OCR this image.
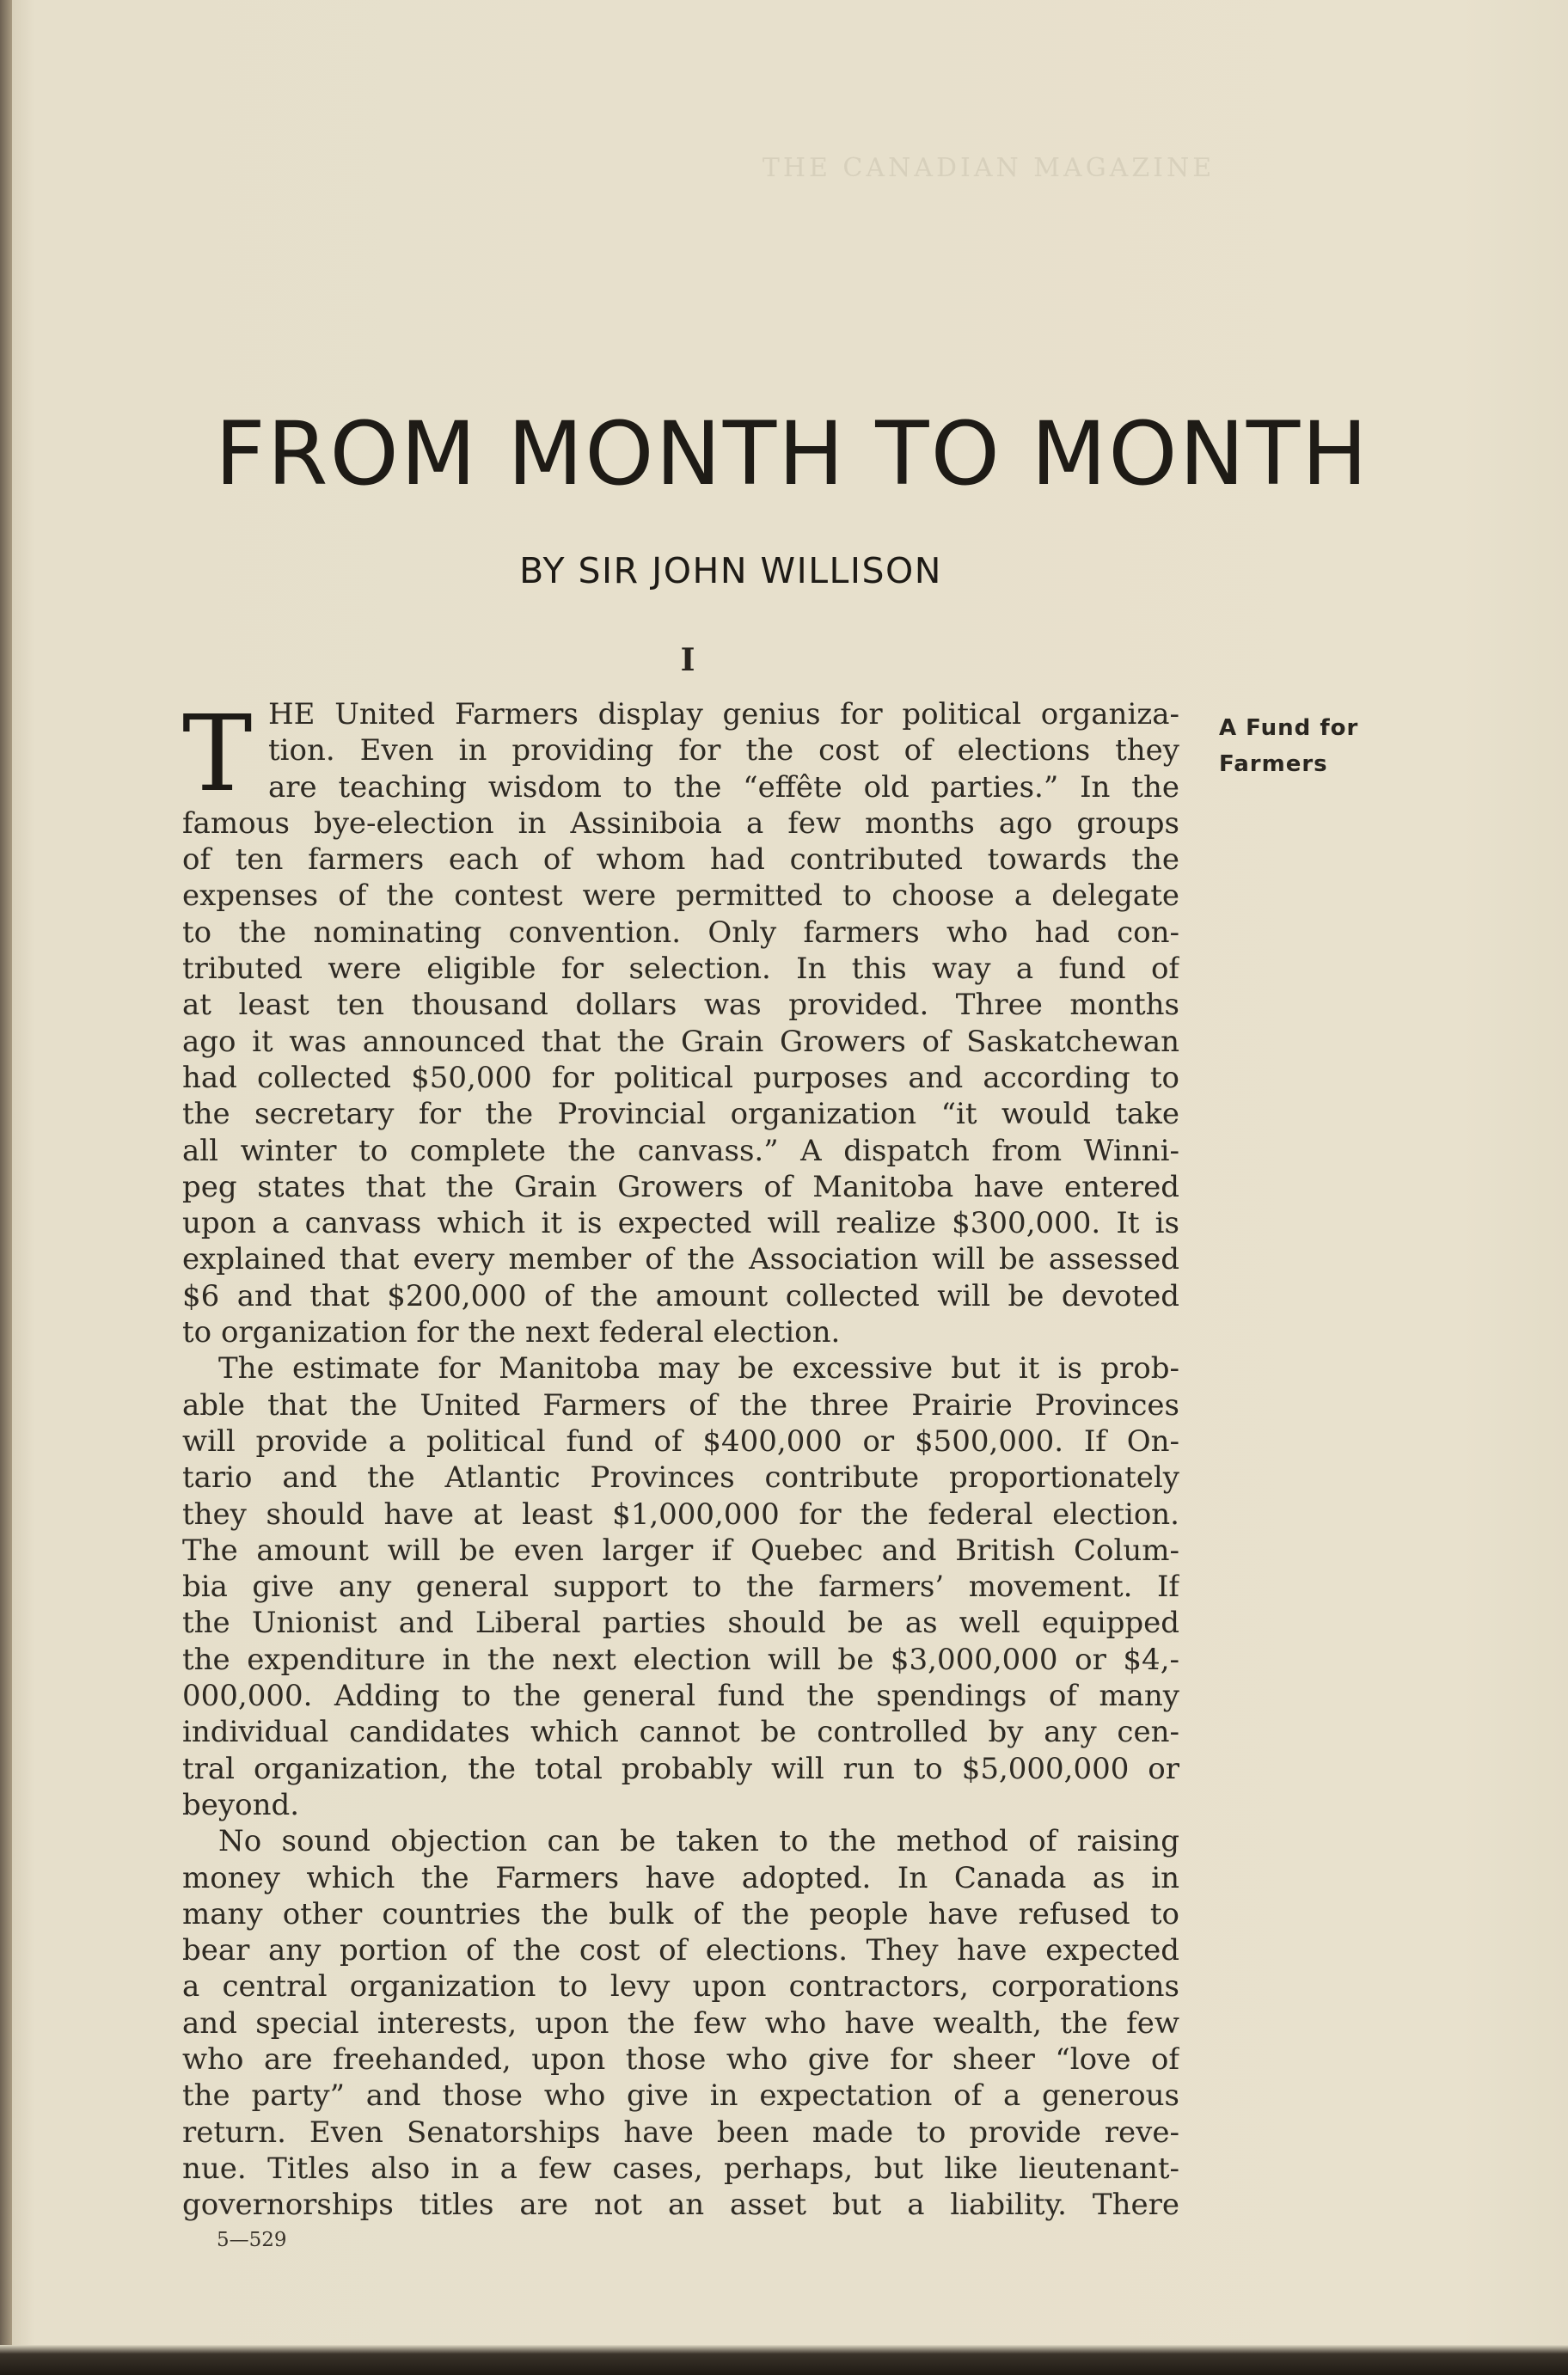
THE CANADIAN MAGAZINE
FROM MONTH TO MONTH
BY SIR JOHN WILLISON
I
A Fund for
Farmers
T HE United Farmers display genius for political organiza-
tion. Even in providing for the cost of elections they
are teaching wisdom to the “effête old parties.” In the
famous bye-election in Assiniboia a few months ago groups
of ten farmers each of whom had contributed towards the
expenses of the contest were permitted to choose a delegate
to the nominating convention. Only farmers who had con-
tributed were eligible for selection. In this way a fund of
at least ten thousand dollars was provided. Three months
ago it was announced that the Grain Growers of Saskatchewan
had collected $50,000 for political purposes and according to
the secretary for the Provincial organization “it would take
all winter to complete the canvass.” A dispatch from Winni-
peg states that the Grain Growers of Manitoba have entered
upon a canvass which it is expected will realize $300,000. It is
explained that every member of the Association will be assessed
$6 and that $200,000 of the amount collected will be devoted
to organization for the next federal election.
The estimate for Manitoba may be excessive but it is prob-
able that the United Farmers of the three Prairie Provinces
will provide a political fund of $400,000 or $500,000. If On-
tario and the Atlantic Provinces contribute proportionately
they should have at least $1,000,000 for the federal election.
The amount will be even larger if Quebec and British Colum-
bia give any general support to the farmers’ movement. If
the Unionist and Liberal parties should be as well equipped
the expenditure in the next election will be $3,000,000 or $4,-
000,000. Adding to the general fund the spendings of many
individual candidates which cannot be controlled by any cen-
tral organization, the total probably will run to $5,000,000 or
beyond.
No sound objection can be taken to the method of raising
money which the Farmers have adopted. In Canada as in
many other countries the bulk of the people have refused to
bear any portion of the cost of elections. They have expected
a central organization to levy upon contractors, corporations
and special interests, upon the few who have wealth, the few
who are freehanded, upon those who give for sheer “love of
the party” and those who give in expectation of a generous
return. Even Senatorships have been made to provide reve-
nue. Titles also in a few cases, perhaps, but like lieutenant-
governorships titles are not an asset but a liability. There
5—529
